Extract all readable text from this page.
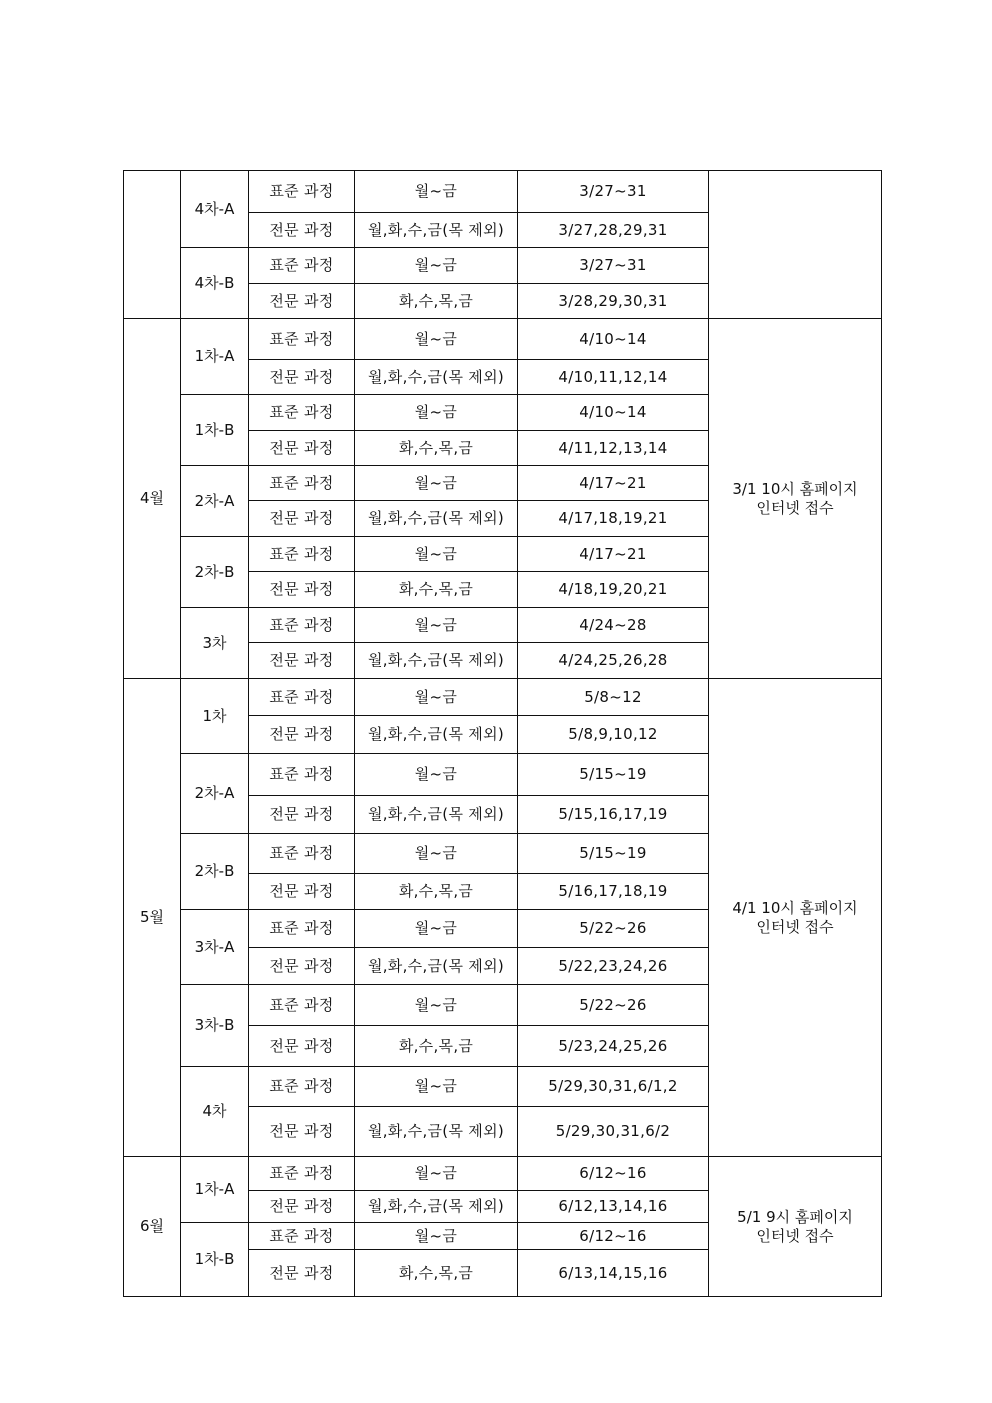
	4차-A	표준 과정	월~금	3/27~31	
		전문 과정	월,화,수,금(목 제외)	3/27,28,29,31	
	4차-B	표준 과정	월~금	3/27~31	
		전문 과정	화,수,목,금	3/28,29,30,31	
4월	1차-A	표준 과정	월~금	4/10~14	3/1 10시 홈페이지
인터넷 접수
		전문 과정	월,화,수,금(목 제외)	4/10,11,12,14	
	1차-B	표준 과정	월~금	4/10~14	
		전문 과정	화,수,목,금	4/11,12,13,14	
	2차-A	표준 과정	월~금	4/17~21	
		전문 과정	월,화,수,금(목 제외)	4/17,18,19,21	
	2차-B	표준 과정	월~금	4/17~21	
		전문 과정	화,수,목,금	4/18,19,20,21	
	3차	표준 과정	월~금	4/24~28	
		전문 과정	월,화,수,금(목 제외)	4/24,25,26,28	
5월	1차	표준 과정	월~금	5/8~12	4/1 10시 홈페이지
인터넷 접수
		전문 과정	월,화,수,금(목 제외)	5/8,9,10,12	
	2차-A	표준 과정	월~금	5/15~19	
		전문 과정	월,화,수,금(목 제외)	5/15,16,17,19	
	2차-B	표준 과정	월~금	5/15~19	
		전문 과정	화,수,목,금	5/16,17,18,19	
	3차-A	표준 과정	월~금	5/22~26	
		전문 과정	월,화,수,금(목 제외)	5/22,23,24,26	
	3차-B	표준 과정	월~금	5/22~26	
		전문 과정	화,수,목,금	5/23,24,25,26	
	4차	표준 과정	월~금	5/29,30,31,6/1,2	
		전문 과정	월,화,수,금(목 제외)	5/29,30,31,6/2	
6월	1차-A	표준 과정	월~금	6/12~16	5/1 9시 홈페이지
인터넷 접수
		전문 과정	월,화,수,금(목 제외)	6/12,13,14,16	
	1차-B	표준 과정	월~금	6/12~16	
		전문 과정	화,수,목,금	6/13,14,15,16	
